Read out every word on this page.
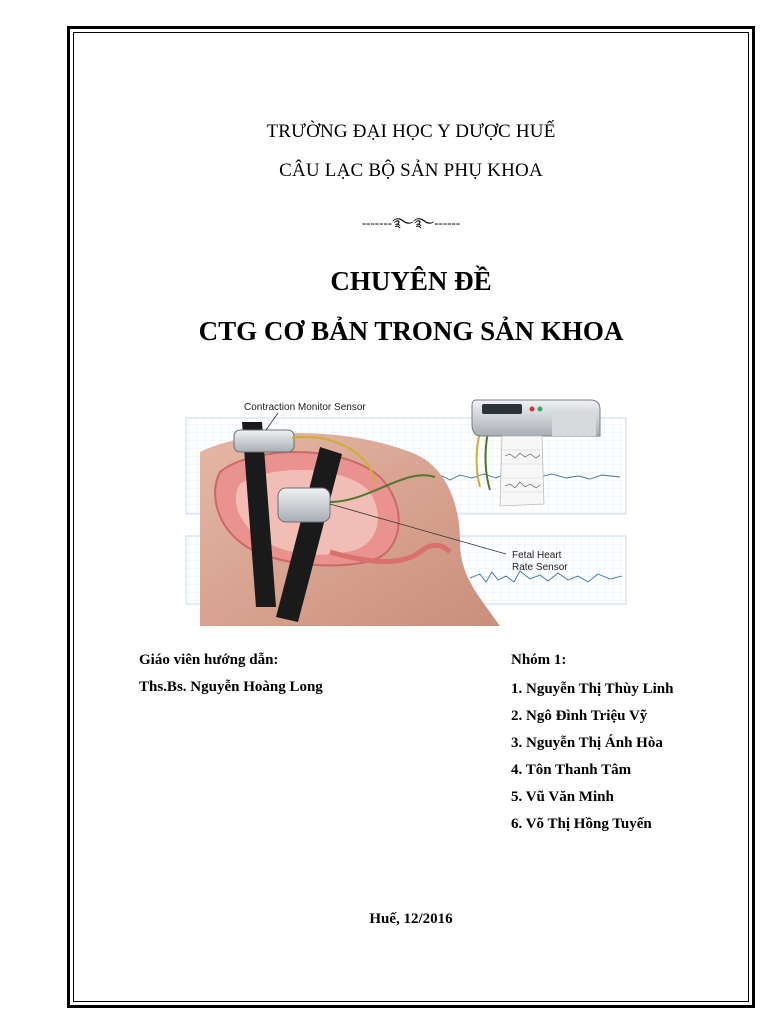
TRƯỜNG ĐẠI HỌC Y DƯỢC HUẾ
CÂU LẠC BỘ SẢN PHỤ KHOA
-------࿐࿐------
CHUYÊN ĐỀ
CTG CƠ BẢN TRONG SẢN KHOA
Contraction Monitor Sensor
Fetal Heart
Rate Sensor
Giáo viên hướng dẫn:
Ths.Bs. Nguyễn Hoàng Long
Nhóm 1:
1. Nguyễn Thị Thùy Linh
2. Ngô Đình Triệu Vỹ
3. Nguyễn Thị Ánh Hòa
4. Tôn Thanh Tâm
5. Vũ Văn Minh
6. Võ Thị Hồng Tuyến
Huế, 12/2016
